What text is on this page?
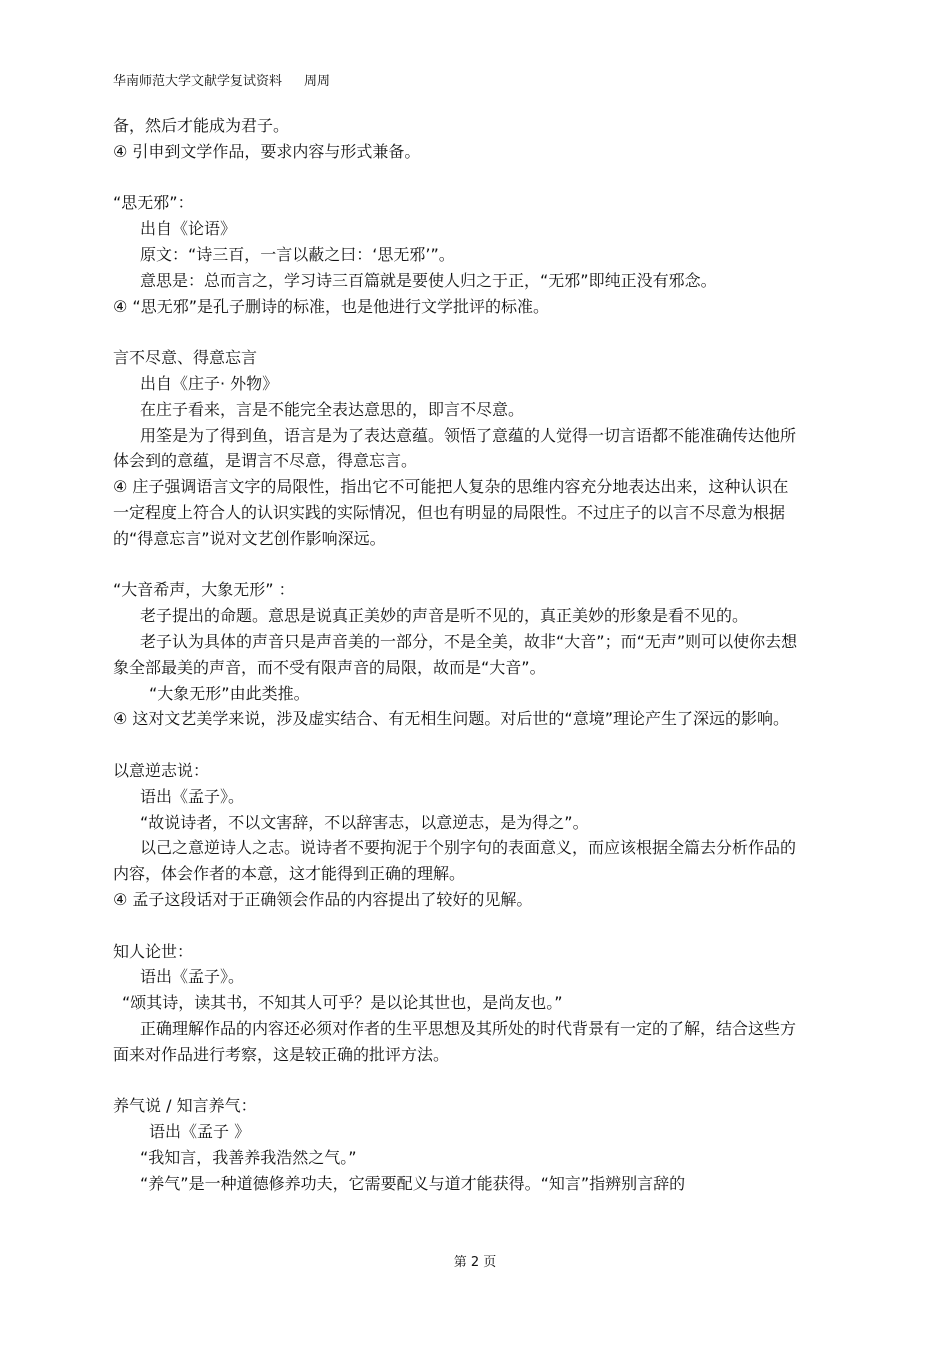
华南师范大学文献学复试资料 周周
备，然后才能成为君子。
④ 引申到文学作品，要求内容与形式兼备。
“思无邪”：
出自《论语》
原文：“诗三百，一言以蔽之曰：‘思无邪’”。
意思是：总而言之，学习诗三百篇就是要使人归之于正，“无邪”即纯正没有邪念。
④ “思无邪”是孔子删诗的标准，也是他进行文学批评的标准。
言不尽意、得意忘言
出自《庄子· 外物》
在庄子看来，言是不能完全表达意思的，即言不尽意。
用筌是为了得到鱼，语言是为了表达意蕴。领悟了意蕴的人觉得一切言语都不能准确传达他所体会到的意蕴，是谓言不尽意，得意忘言。
④ 庄子强调语言文字的局限性，指出它不可能把人复杂的思维内容充分地表达出来，这种认识在一定程度上符合人的认识实践的实际情况，但也有明显的局限性。不过庄子的以言不尽意为根据的“得意忘言”说对文艺创作影响深远。
“大音希声，大象无形” ：
老子提出的命题。意思是说真正美妙的声音是听不见的，真正美妙的形象是看不见的。
老子认为具体的声音只是声音美的一部分，不是全美，故非“大音”；而“无声”则可以使你去想象全部最美的声音，而不受有限声音的局限，故而是“大音”。
“大象无形”由此类推。
④ 这对文艺美学来说，涉及虚实结合、有无相生问题。对后世的“意境”理论产生了深远的影响。
以意逆志说：
语出《孟子》。
“故说诗者，不以文害辞，不以辞害志，以意逆志，是为得之”。
以己之意逆诗人之志。说诗者不要拘泥于个别字句的表面意义，而应该根据全篇去分析作品的内容，体会作者的本意，这才能得到正确的理解。
④ 孟子这段话对于正确领会作品的内容提出了较好的见解。
知人论世：
语出《孟子》。
“颂其诗，读其书，不知其人可乎？是以论其世也，是尚友也。”
正确理解作品的内容还必须对作者的生平思想及其所处的时代背景有一定的了解，结合这些方面来对作品进行考察，这是较正确的批评方法。
养气说 / 知言养气：
语出《孟子 》
“我知言，我善养我浩然之气。”
“养气”是一种道德修养功夫，它需要配义与道才能获得。“知言”指辨别言辞的
第 2 页
